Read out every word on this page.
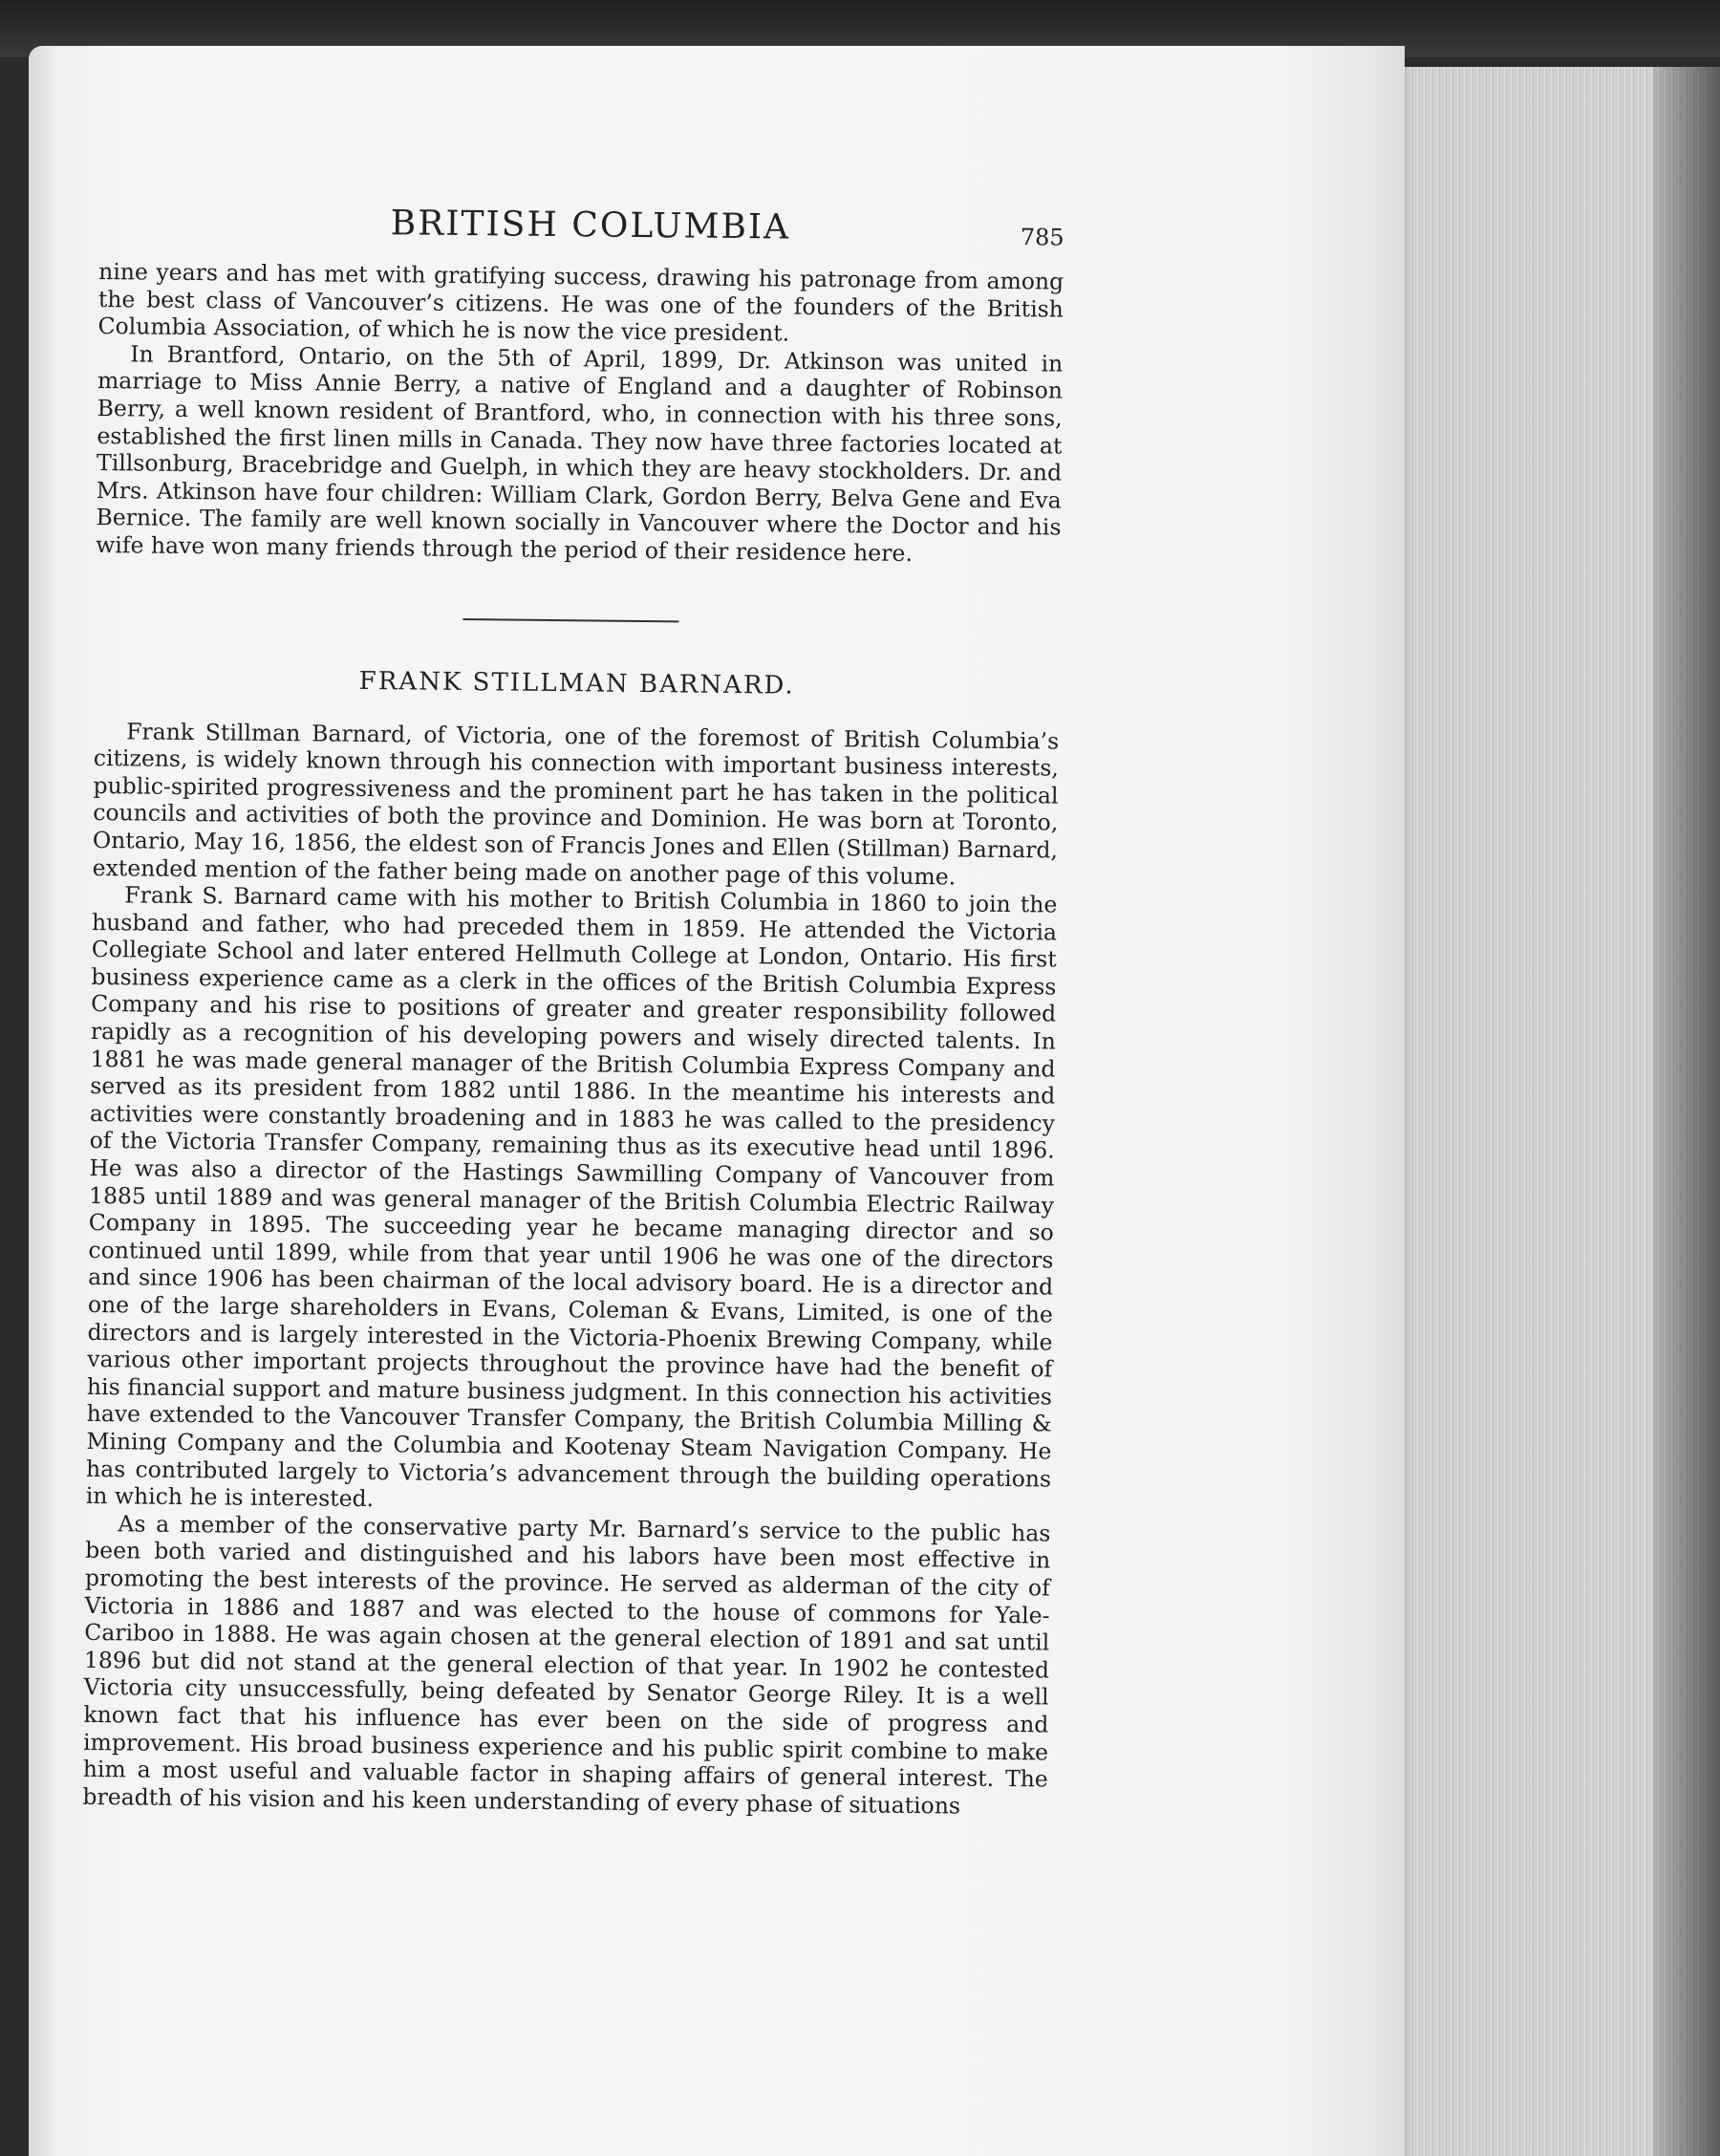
BRITISH COLUMBIA	785

nine years and has met with gratifying success, drawing his patronage from among the best class of Vancouver’s citizens. He was one of the founders of the British Columbia Association, of which he is now the vice president.

In Brantford, Ontario, on the 5th of April, 1899, Dr. Atkinson was united in marriage to Miss Annie Berry, a native of England and a daughter of Robinson Berry, a well known resident of Brantford, who, in connection with his three sons, established the first linen mills in Canada. They now have three factories located at Tillsonburg, Bracebridge and Guelph, in which they are heavy stockholders. Dr. and Mrs. Atkinson have four children: William Clark, Gordon Berry, Belva Gene and Eva Bernice. The family are well known socially in Vancouver where the Doctor and his wife have won many friends through the period of their residence here.

FRANK STILLMAN BARNARD.

Frank Stillman Barnard, of Victoria, one of the foremost of British Columbia’s citizens, is widely known through his connection with important business interests, public-spirited progressiveness and the prominent part he has taken in the political councils and activities of both the province and Dominion. He was born at Toronto, Ontario, May 16, 1856, the eldest son of Francis Jones and Ellen (Stillman) Barnard, extended mention of the father being made on another page of this volume.

Frank S. Barnard came with his mother to British Columbia in 1860 to join the husband and father, who had preceded them in 1859. He attended the Victoria Collegiate School and later entered Hellmuth College at London, Ontario. His first business experience came as a clerk in the offices of the British Columbia Express Company and his rise to positions of greater and greater responsibility followed rapidly as a recognition of his developing powers and wisely directed talents. In 1881 he was made general manager of the British Columbia Express Company and served as its president from 1882 until 1886. In the meantime his interests and activities were constantly broadening and in 1883 he was called to the presidency of the Victoria Transfer Company, remaining thus as its executive head until 1896. He was also a director of the Hastings Sawmilling Company of Vancouver from 1885 until 1889 and was general manager of the British Columbia Electric Railway Company in 1895. The succeeding year he became managing director and so continued until 1899, while from that year until 1906 he was one of the directors and since 1906 has been chairman of the local advisory board. He is a director and one of the large shareholders in Evans, Coleman & Evans, Limited, is one of the directors and is largely interested in the Victoria-Phoenix Brewing Company, while various other important projects throughout the province have had the benefit of his financial support and mature business judgment. In this connection his activities have extended to the Vancouver Transfer Company, the British Columbia Milling & Mining Company and the Columbia and Kootenay Steam Navigation Company. He has contributed largely to Victoria’s advancement through the building operations in which he is interested.

As a member of the conservative party Mr. Barnard’s service to the public has been both varied and distinguished and his labors have been most effective in promoting the best interests of the province. He served as alderman of the city of Victoria in 1886 and 1887 and was elected to the house of commons for Yale-Cariboo in 1888. He was again chosen at the general election of 1891 and sat until 1896 but did not stand at the general election of that year. In 1902 he contested Victoria city unsuccessfully, being defeated by Senator George Riley. It is a well known fact that his influence has ever been on the side of progress and improvement. His broad business experience and his public spirit combine to make him a most useful and valuable factor in shaping affairs of general interest. The breadth of his vision and his keen understanding of every phase of situations
